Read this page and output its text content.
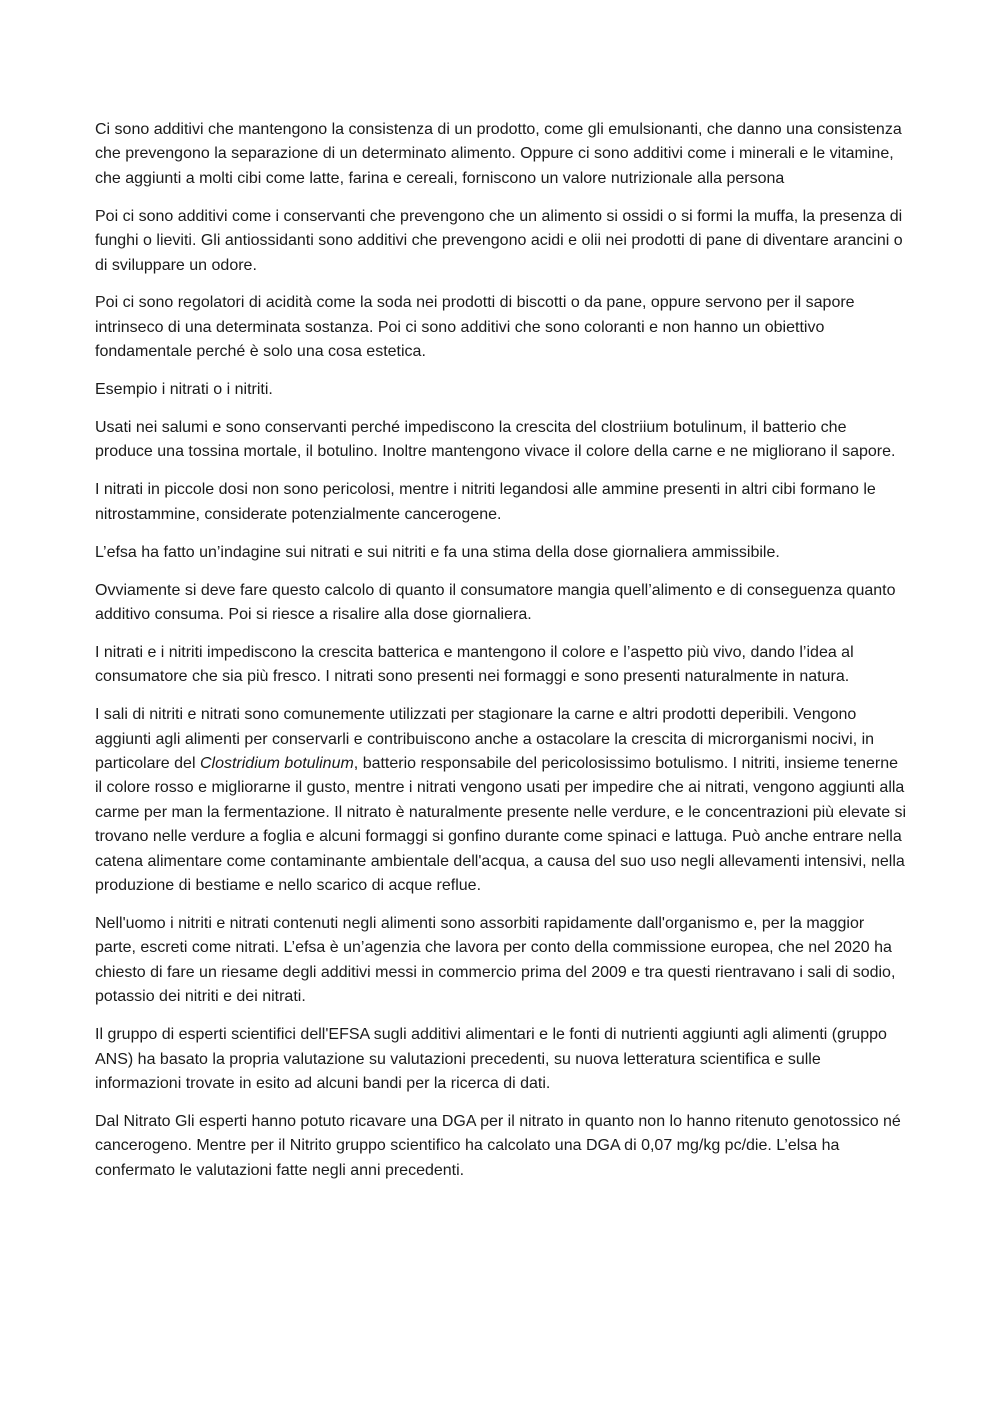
Ci sono additivi che mantengono la consistenza di un prodotto, come gli emulsionanti, che danno una consistenza che prevengono la separazione di un determinato alimento. Oppure ci sono additivi come i minerali e le vitamine, che aggiunti a molti cibi come latte, farina e cereali, forniscono un valore nutrizionale alla persona

Poi ci sono additivi come i conservanti che prevengono che un alimento si ossidi o si formi la muffa, la presenza di funghi o lieviti. Gli antiossidanti sono additivi che prevengono acidi e olii nei prodotti di pane di diventare arancini o di sviluppare un odore.

Poi ci sono regolatori di acidità come la soda nei prodotti di biscotti o da pane, oppure servono per il sapore intrinseco di una determinata sostanza. Poi ci sono additivi che sono coloranti e non hanno un obiettivo fondamentale perché è solo una cosa estetica.

Esempio i nitrati o i nitriti.

Usati nei salumi e sono conservanti perché impediscono la crescita del clostriium botulinum, il batterio che produce una tossina mortale, il botulino. Inoltre mantengono vivace il colore della carne e ne migliorano il sapore.

I nitrati in piccole dosi non sono pericolosi, mentre i nitriti legandosi alle ammine presenti in altri cibi formano le nitrostammine, considerate potenzialmente cancerogene.

L’efsa ha fatto un’indagine sui nitrati e sui nitriti e fa una stima della dose giornaliera ammissibile.

Ovviamente si deve fare questo calcolo di quanto il consumatore mangia quell’alimento e di conseguenza quanto additivo consuma. Poi si riesce a risalire alla dose giornaliera.

I nitrati e i nitriti impediscono la crescita batterica e mantengono il colore e l’aspetto più vivo, dando l’idea al consumatore che sia più fresco. I nitrati sono presenti nei formaggi e sono presenti naturalmente in natura.

I sali di nitriti e nitrati sono comunemente utilizzati per stagionare la carne e altri prodotti deperibili. Vengono aggiunti agli alimenti per conservarli e contribuiscono anche a ostacolare la crescita di microrganismi nocivi, in particolare del Clostridium botulinum, batterio responsabile del pericolosissimo botulismo. I nitriti, insieme tenerne il colore rosso e migliorarne il gusto, mentre i nitrati vengono usati per impedire che ai nitrati, vengono aggiunti alla carme per man la fermentazione. Il nitrato è naturalmente presente nelle verdure, e le concentrazioni più elevate si trovano nelle verdure a foglia e alcuni formaggi si gonfino durante come spinaci e lattuga. Può anche entrare nella catena alimentare come contaminante ambientale dell'acqua, a causa del suo uso negli allevamenti intensivi, nella produzione di bestiame e nello scarico di acque reflue.

Nell'uomo i nitriti e nitrati contenuti negli alimenti sono assorbiti rapidamente dall'organismo e, per la maggior parte, escreti come nitrati. L’efsa è un’agenzia che lavora per conto della commissione europea, che nel 2020 ha chiesto di fare un riesame degli additivi messi in commercio prima del 2009 e tra questi rientravano i sali di sodio, potassio dei nitriti e dei nitrati.

Il gruppo di esperti scientifici dell'EFSA sugli additivi alimentari e le fonti di nutrienti aggiunti agli alimenti (gruppo ANS) ha basato la propria valutazione su valutazioni precedenti, su nuova letteratura scientifica e sulle informazioni trovate in esito ad alcuni bandi per la ricerca di dati.

Dal Nitrato Gli esperti hanno potuto ricavare una DGA per il nitrato in quanto non lo hanno ritenuto genotossico né cancerogeno. Mentre per il Nitrito gruppo scientifico ha calcolato una DGA di 0,07 mg/kg pc/die. L’elsa ha confermato le valutazioni fatte negli anni precedenti.
